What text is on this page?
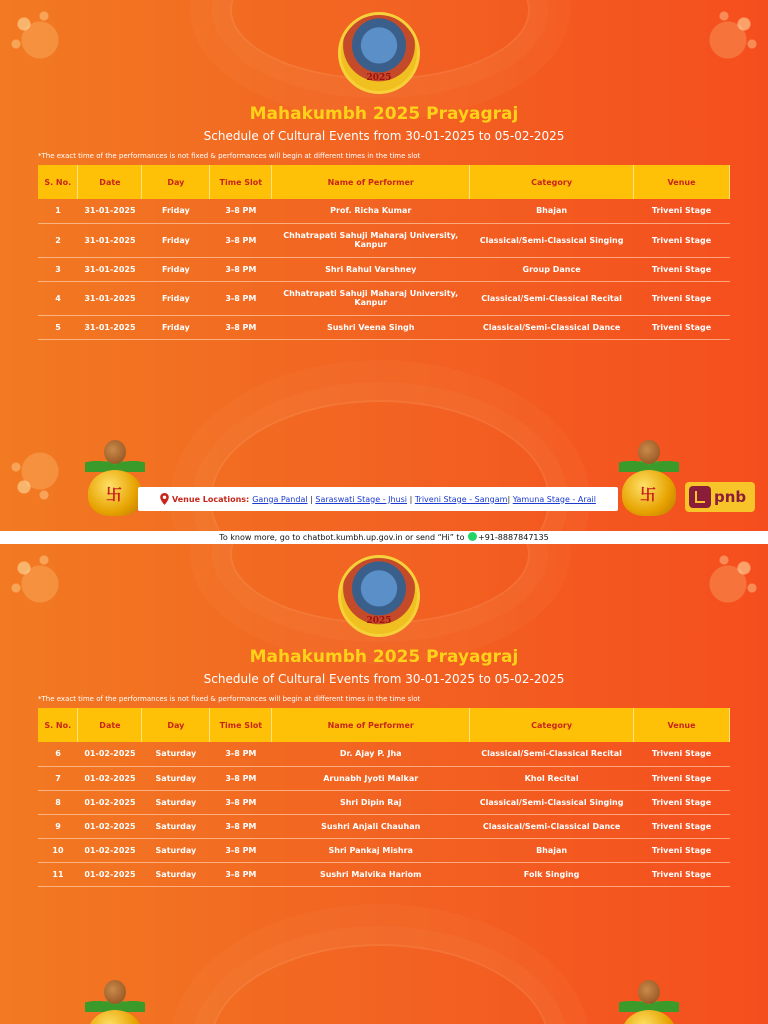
2025
Mahakumbh 2025 Prayagraj
Schedule of Cultural Events from 30-01-2025 to 05-02-2025
*The exact time of the performances is not fixed & performances will begin at different times in the time slot
S. No.	Date	Day	Time Slot	Name of Performer	Category	Venue
1	31-01-2025	Friday	3-8 PM	Prof. Richa Kumar	Bhajan	Triveni Stage
2	31-01-2025	Friday	3-8 PM	Chhatrapati Sahuji Maharaj University, Kanpur	Classical/Semi-Classical Singing	Triveni Stage
3	31-01-2025	Friday	3-8 PM	Shri Rahul Varshney	Group Dance	Triveni Stage
4	31-01-2025	Friday	3-8 PM	Chhatrapati Sahuji Maharaj University, Kanpur	Classical/Semi-Classical Recital	Triveni Stage
5	31-01-2025	Friday	3-8 PM	Sushri Veena Singh	Classical/Semi-Classical Dance	Triveni Stage
卐	卐
Venue Locations: Ganga Pandal | Saraswati Stage - Jhusi | Triveni Stage - Sangam | Yamuna Stage - Arail	pnb
To know more, go to chatbot.kumbh.up.gov.in or send “Hi” to +91-8887847135
2025
Mahakumbh 2025 Prayagraj
Schedule of Cultural Events from 30-01-2025 to 05-02-2025
*The exact time of the performances is not fixed & performances will begin at different times in the time slot
S. No.	Date	Day	Time Slot	Name of Performer	Category	Venue
6	01-02-2025	Saturday	3-8 PM	Dr. Ajay P. Jha	Classical/Semi-Classical Recital	Triveni Stage
7	01-02-2025	Saturday	3-8 PM	Arunabh Jyoti Malkar	Khol Recital	Triveni Stage
8	01-02-2025	Saturday	3-8 PM	Shri Dipin Raj	Classical/Semi-Classical Singing	Triveni Stage
9	01-02-2025	Saturday	3-8 PM	Sushri Anjali Chauhan	Classical/Semi-Classical Dance	Triveni Stage
10	01-02-2025	Saturday	3-8 PM	Shri Pankaj Mishra	Bhajan	Triveni Stage
11	01-02-2025	Saturday	3-8 PM	Sushri Malvika Hariom	Folk Singing	Triveni Stage
